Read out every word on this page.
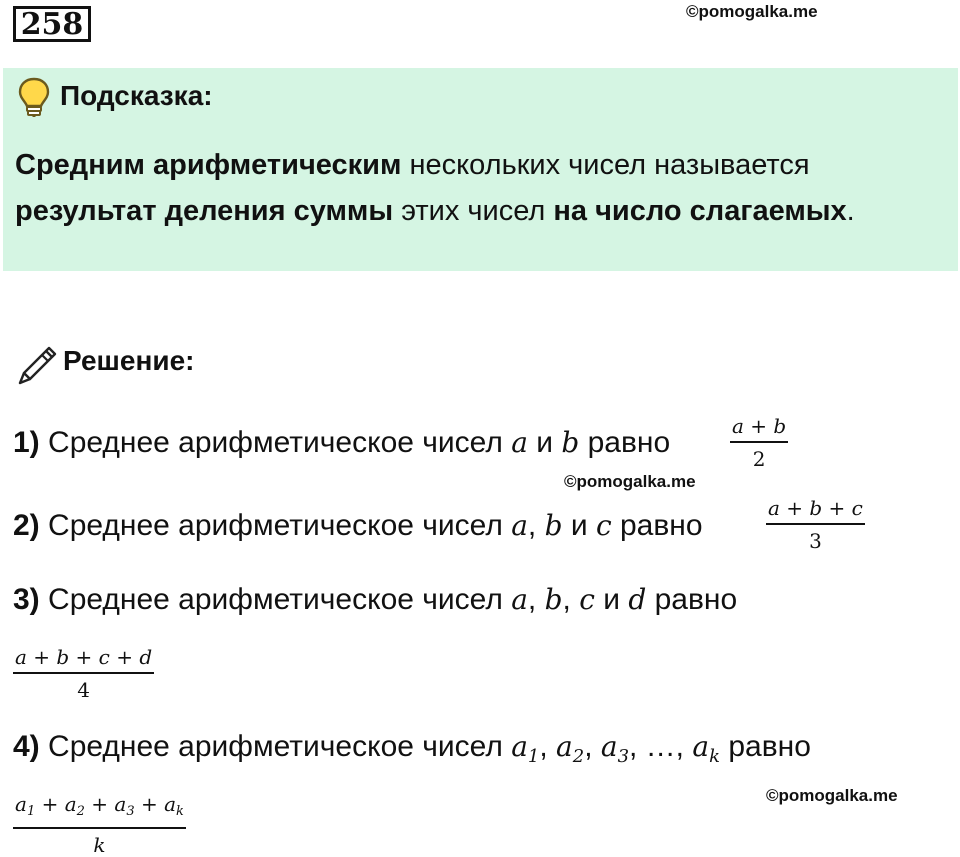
258	©pomogalka.me
Подсказка:
Средним арифметическим нескольких чисел называется
результат деления суммы этих чисел на число слагаемых.
Решение:
1) Среднее арифметическое чисел a и b равно	$\frac{a + b}{2}$
©pomogalka.me
2) Среднее арифметическое чисел a, b и c равно	$\frac{a + b + c}{3}$
3) Среднее арифметическое чисел a, b, c и d равно
$\frac{a + b + c + d}{4}$
4) Среднее арифметическое чисел $a_1$, $a_2$, $a_3$, …, $a_k$ равно
$\frac{a_1 + a_2 + a_3 + a_k}{k}$	©pomogalka.me
